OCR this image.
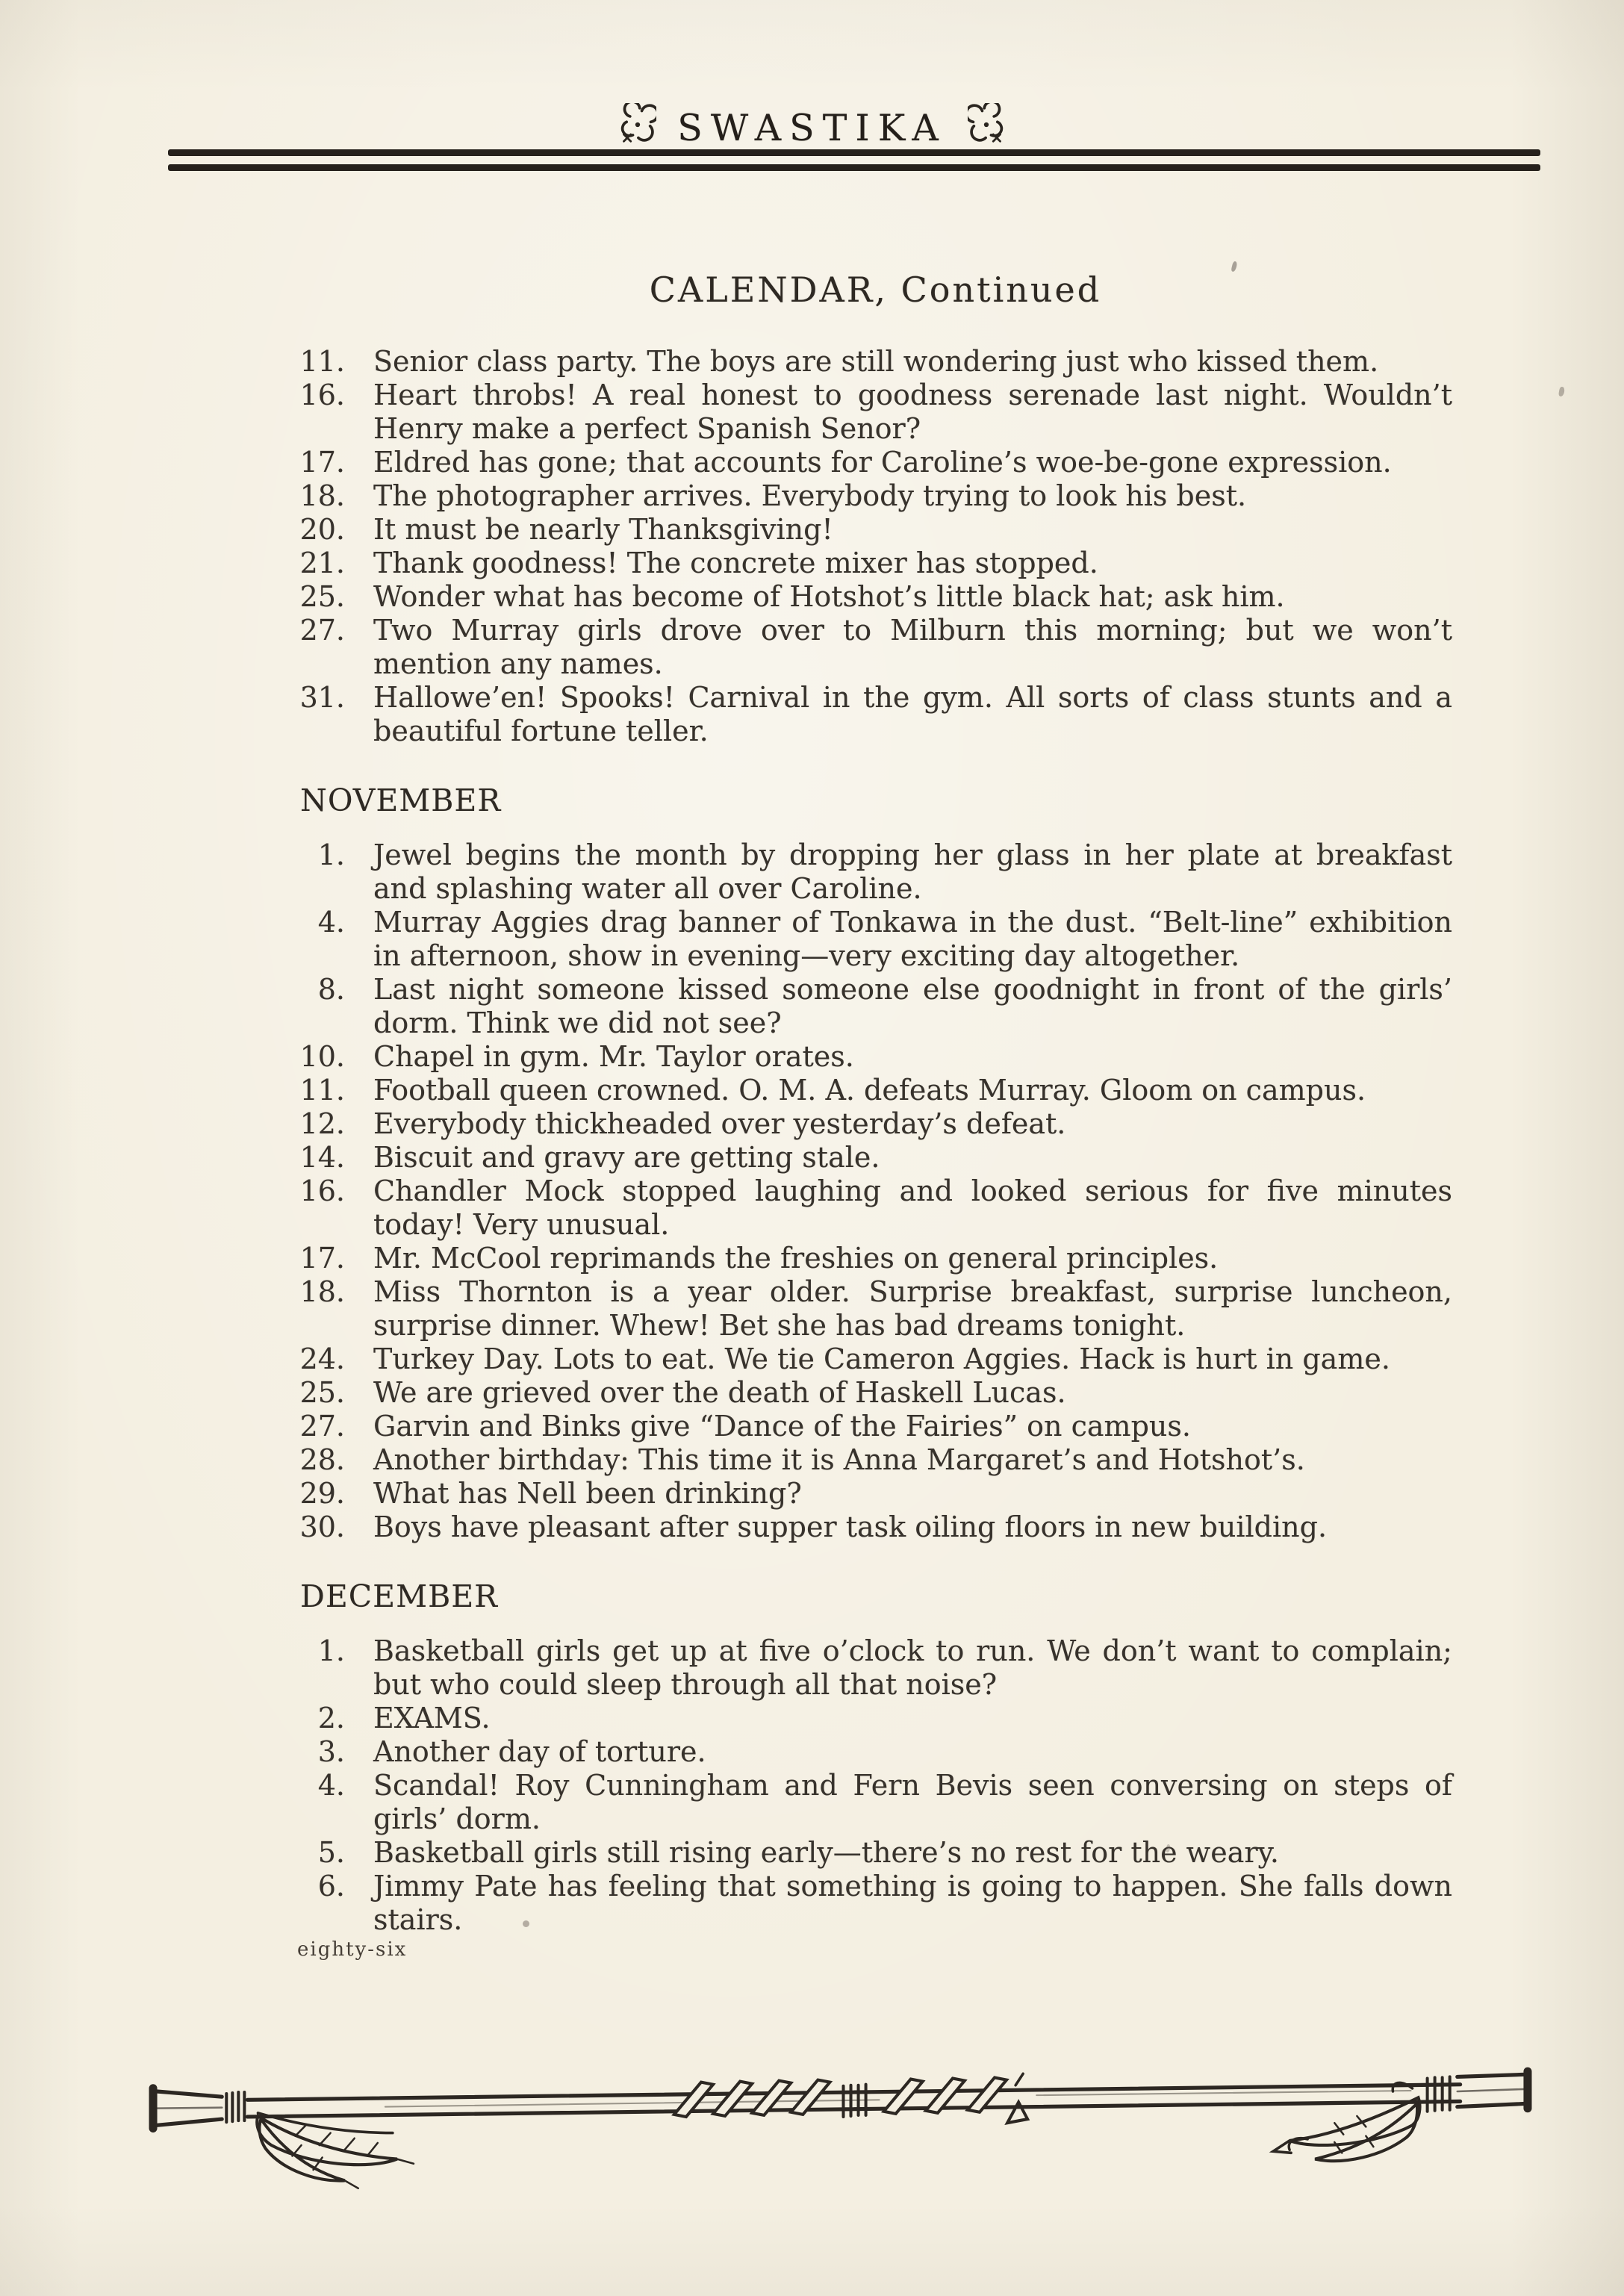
SWASTIKA
CALENDAR, Continued
11. Senior class party. The boys are still wondering just who kissed them.
16. Heart throbs! A real honest to goodness serenade last night. Wouldn’t Henry make a perfect Spanish Senor?
17. Eldred has gone; that accounts for Caroline’s woe-be-gone expression.
18. The photographer arrives. Everybody trying to look his best.
20. It must be nearly Thanksgiving!
21. Thank goodness! The concrete mixer has stopped.
25. Wonder what has become of Hotshot’s little black hat; ask him.
27. Two Murray girls drove over to Milburn this morning; but we won’t mention any names.
31. Hallowe’en! Spooks! Carnival in the gym. All sorts of class stunts and a beautiful fortune teller.
NOVEMBER
1. Jewel begins the month by dropping her glass in her plate at breakfast and splashing water all over Caroline.
4. Murray Aggies drag banner of Tonkawa in the dust. “Belt-line” exhibition in afternoon, show in evening—very exciting day altogether.
8. Last night someone kissed someone else goodnight in front of the girls’ dorm. Think we did not see?
10. Chapel in gym. Mr. Taylor orates.
11. Football queen crowned. O. M. A. defeats Murray. Gloom on campus.
12. Everybody thickheaded over yesterday’s defeat.
14. Biscuit and gravy are getting stale.
16. Chandler Mock stopped laughing and looked serious for five minutes today! Very unusual.
17. Mr. McCool reprimands the freshies on general principles.
18. Miss Thornton is a year older. Surprise breakfast, surprise luncheon, surprise dinner. Whew! Bet she has bad dreams tonight.
24. Turkey Day. Lots to eat. We tie Cameron Aggies. Hack is hurt in game.
25. We are grieved over the death of Haskell Lucas.
27. Garvin and Binks give “Dance of the Fairies” on campus.
28. Another birthday: This time it is Anna Margaret’s and Hotshot’s.
29. What has Nell been drinking?
30. Boys have pleasant after supper task oiling floors in new building.
DECEMBER
1. Basketball girls get up at five o’clock to run. We don’t want to complain; but who could sleep through all that noise?
2. EXAMS.
3. Another day of torture.
4. Scandal! Roy Cunningham and Fern Bevis seen conversing on steps of girls’ dorm.
5. Basketball girls still rising early—there’s no rest for the weary.
6. Jimmy Pate has feeling that something is going to happen. She falls down stairs.
eighty-six
